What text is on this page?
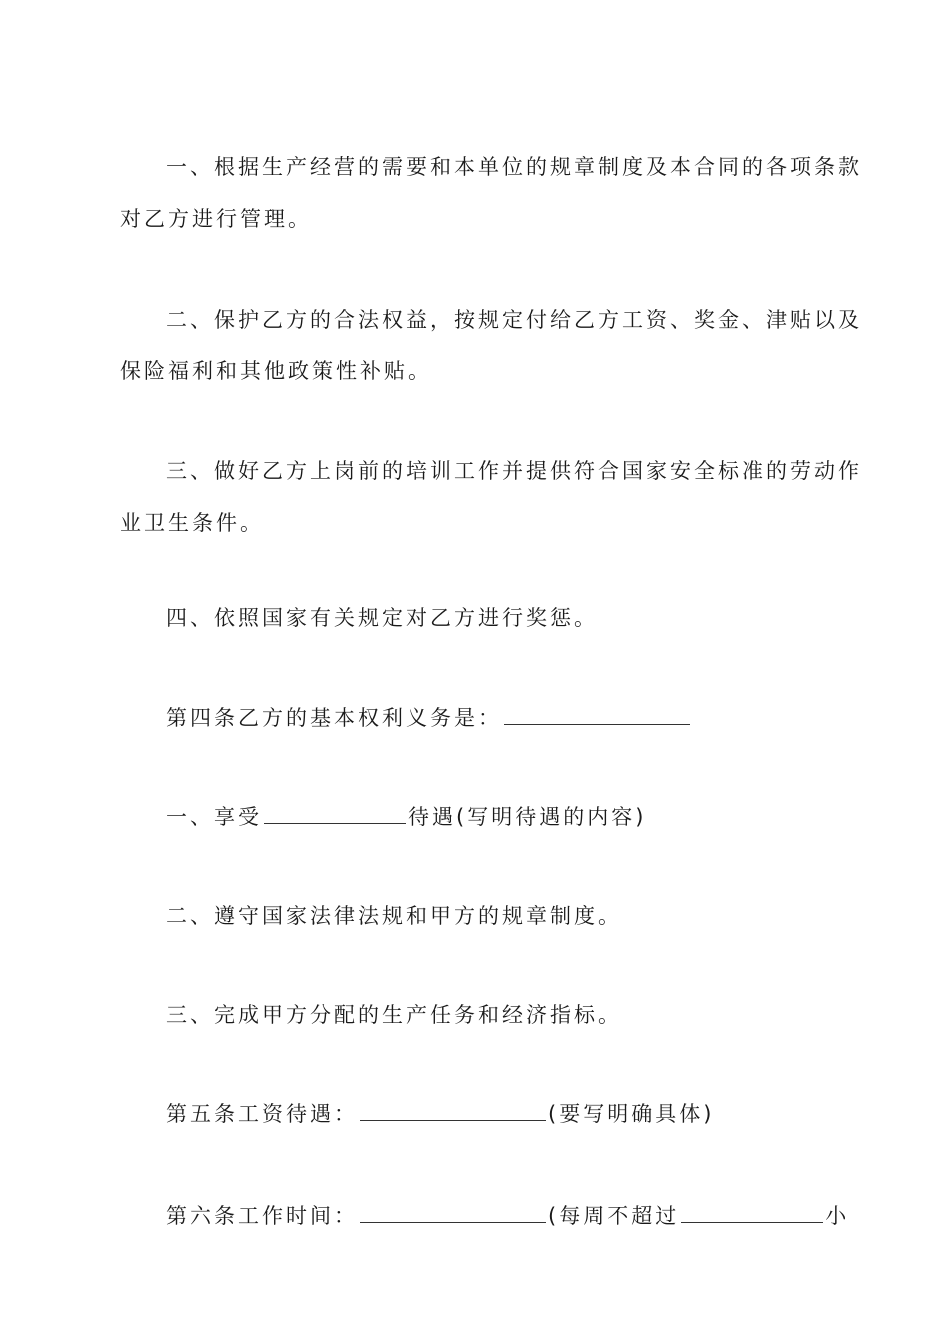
一、根据生产经营的需要和本单位的规章制度及本合同的各项条款
对乙方进行管理。
二、保护乙方的合法权益，按规定付给乙方工资、奖金、津贴以及
保险福利和其他政策性补贴。
三、做好乙方上岗前的培训工作并提供符合国家安全标准的劳动作
业卫生条件。
四、依照国家有关规定对乙方进行奖惩。
第四条乙方的基本权利义务是：
一、享受	待遇(写明待遇的内容)
二、遵守国家法律法规和甲方的规章制度。
三、完成甲方分配的生产任务和经济指标。
第五条工资待遇：	(要写明确具体)
第六条工作时间：	(每周不超过	小
